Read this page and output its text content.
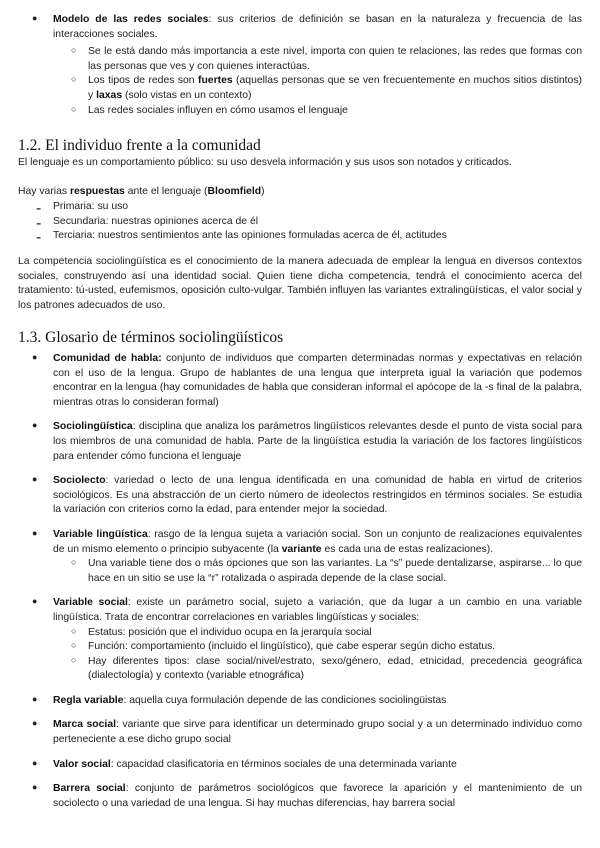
● Modelo de las redes sociales: sus criterios de definición se basan en la naturaleza y frecuencia de las interacciones sociales.

○ Se le está dando más importancia a este nivel, importa con quien te relaciones, las redes que formas con las personas que ves y con quienes interactúas.

○ Los tipos de redes son fuertes (aquellas personas que se ven frecuentemente en muchos sitios distintos) y laxas (solo vistas en un contexto)

○ Las redes sociales influyen en cómo usamos el lenguaje

1.2. El individuo frente a la comunidad

El lenguaje es un comportamiento público: su uso desvela información y sus usos son notados y criticados.

Hay varias respuestas ante el lenguaje (Bloomfield)

- Primaria: su uso

- Secundaria: nuestras opiniones acerca de él

- Terciaria: nuestros sentimientos ante las opiniones formuladas acerca de él, actitudes

La competencia sociolingüística es el conocimiento de la manera adecuada de emplear la lengua en diversos contextos sociales, construyendo así una identidad social. Quien tiene dicha competencia, tendrá el conocimiento acerca del tratamiento: tú-usted, eufemismos, oposición culto-vulgar. También influyen las variantes extralingüísticas, el valor social y los patrones adecuados de uso.

1.3. Glosario de términos sociolingüísticos
● Comunidad de habla: conjunto de individuos que comparten determinadas normas y expectativas en relación con el uso de la lengua. Grupo de hablantes de una lengua que interpreta igual la variación que podemos encontrar en la lengua (hay comunidades de habla que consideran informal el apócope de la -s final de la palabra, mientras otras lo consideran formal)

● Sociolingüística: disciplina que analiza los parámetros lingüísticos relevantes desde el punto de vista social para los miembros de una comunidad de habla. Parte de la lingüística estudia la variación de los factores lingüísticos para entender cómo funciona el lenguaje

● Sociolecto: variedad o lecto de una lengua identificada en una comunidad de habla en virtud de criterios sociológicos. Es una abstracción de un cierto número de ideolectos restringidos en términos sociales. Se estudia la variación con criterios como la edad, para entender mejor la sociedad.

● Variable lingüística: rasgo de la lengua sujeta a variación social. Son un conjunto de realizaciones equivalentes de un mismo elemento o principio subyacente (la variante es cada una de estas realizaciones).

○ Una variable tiene dos o más opciones que son las variantes. La “s” puede dentalizarse, aspirarse... lo que hace en un sitio se use la “r” rotalizada o aspirada depende de la clase social.

● Variable social: existe un parámetro social, sujeto a variación, que da lugar a un cambio en una variable lingüística. Trata de encontrar correlaciones en variables lingüísticas y sociales:

○ Estatus: posición que el individuo ocupa en la jerarquía social

○ Función: comportamiento (incluido el lingüístico), que cabe esperar según dicho estatus.

○ Hay diferentes tipos: clase social/nivel/estrato, sexo/género, edad, etnicidad, precedencia geográfica (dialectología) y contexto (variable etnográfica)

● Regla variable: aquella cuya formulación depende de las condiciones sociolingüistas

● Marca social: variante que sirve para identificar un determinado grupo social y a un determinado individuo como perteneciente a ese dicho grupo social

● Valor social: capacidad clasificatoria en términos sociales de una determinada variante

● Barrera social: conjunto de parámetros sociológicos que favorece la aparición y el mantenimiento de un sociolecto o una variedad de una lengua. Si hay muchas diferencias, hay barrera social
